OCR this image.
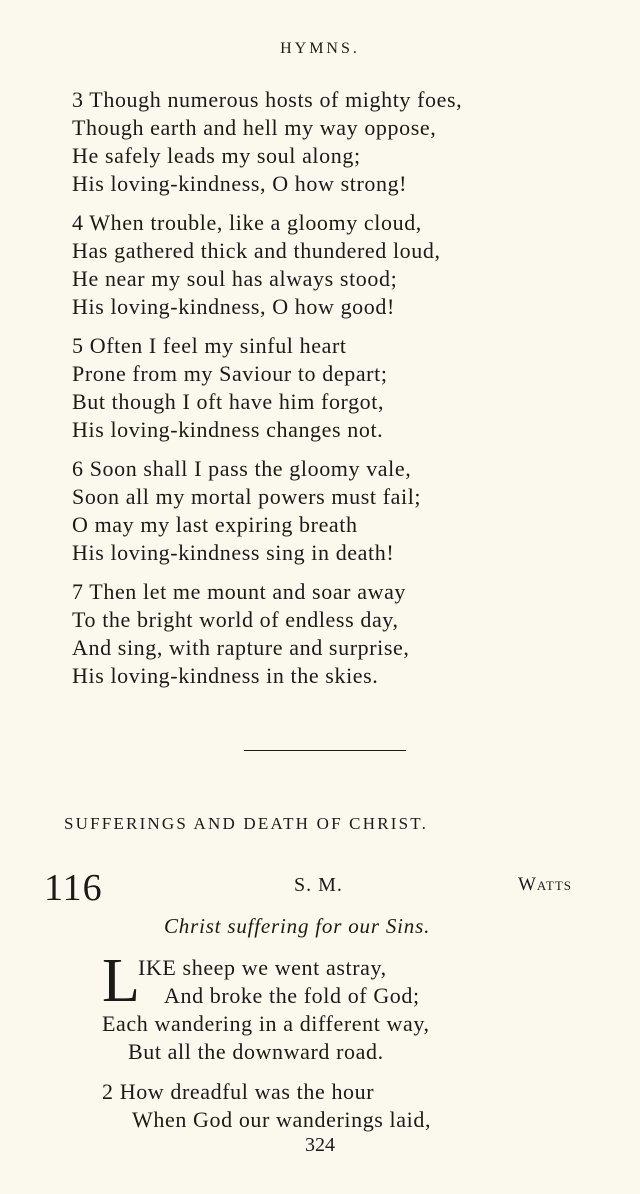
HYMNS.
3 Though numerous hosts of mighty foes,
Though earth and hell my way oppose,
He safely leads my soul along;
His loving-kindness, O how strong!
4 When trouble, like a gloomy cloud,
Has gathered thick and thundered loud,
He near my soul has always stood;
His loving-kindness, O how good!
5 Often I feel my sinful heart
Prone from my Saviour to depart;
But though I oft have him forgot,
His loving-kindness changes not.
6 Soon shall I pass the gloomy vale,
Soon all my mortal powers must fail;
O may my last expiring breath
His loving-kindness sing in death!
7 Then let me mount and soar away
To the bright world of endless day,
And sing, with rapture and surprise,
His loving-kindness in the skies.
SUFFERINGS AND DEATH OF CHRIST.
116	S. M.	Watts
Christ suffering for our Sins.
L
IKE sheep we went astray,
And broke the fold of God;
Each wandering in a different way,
But all the downward road.
2 How dreadful was the hour
When God our wanderings laid,
324
